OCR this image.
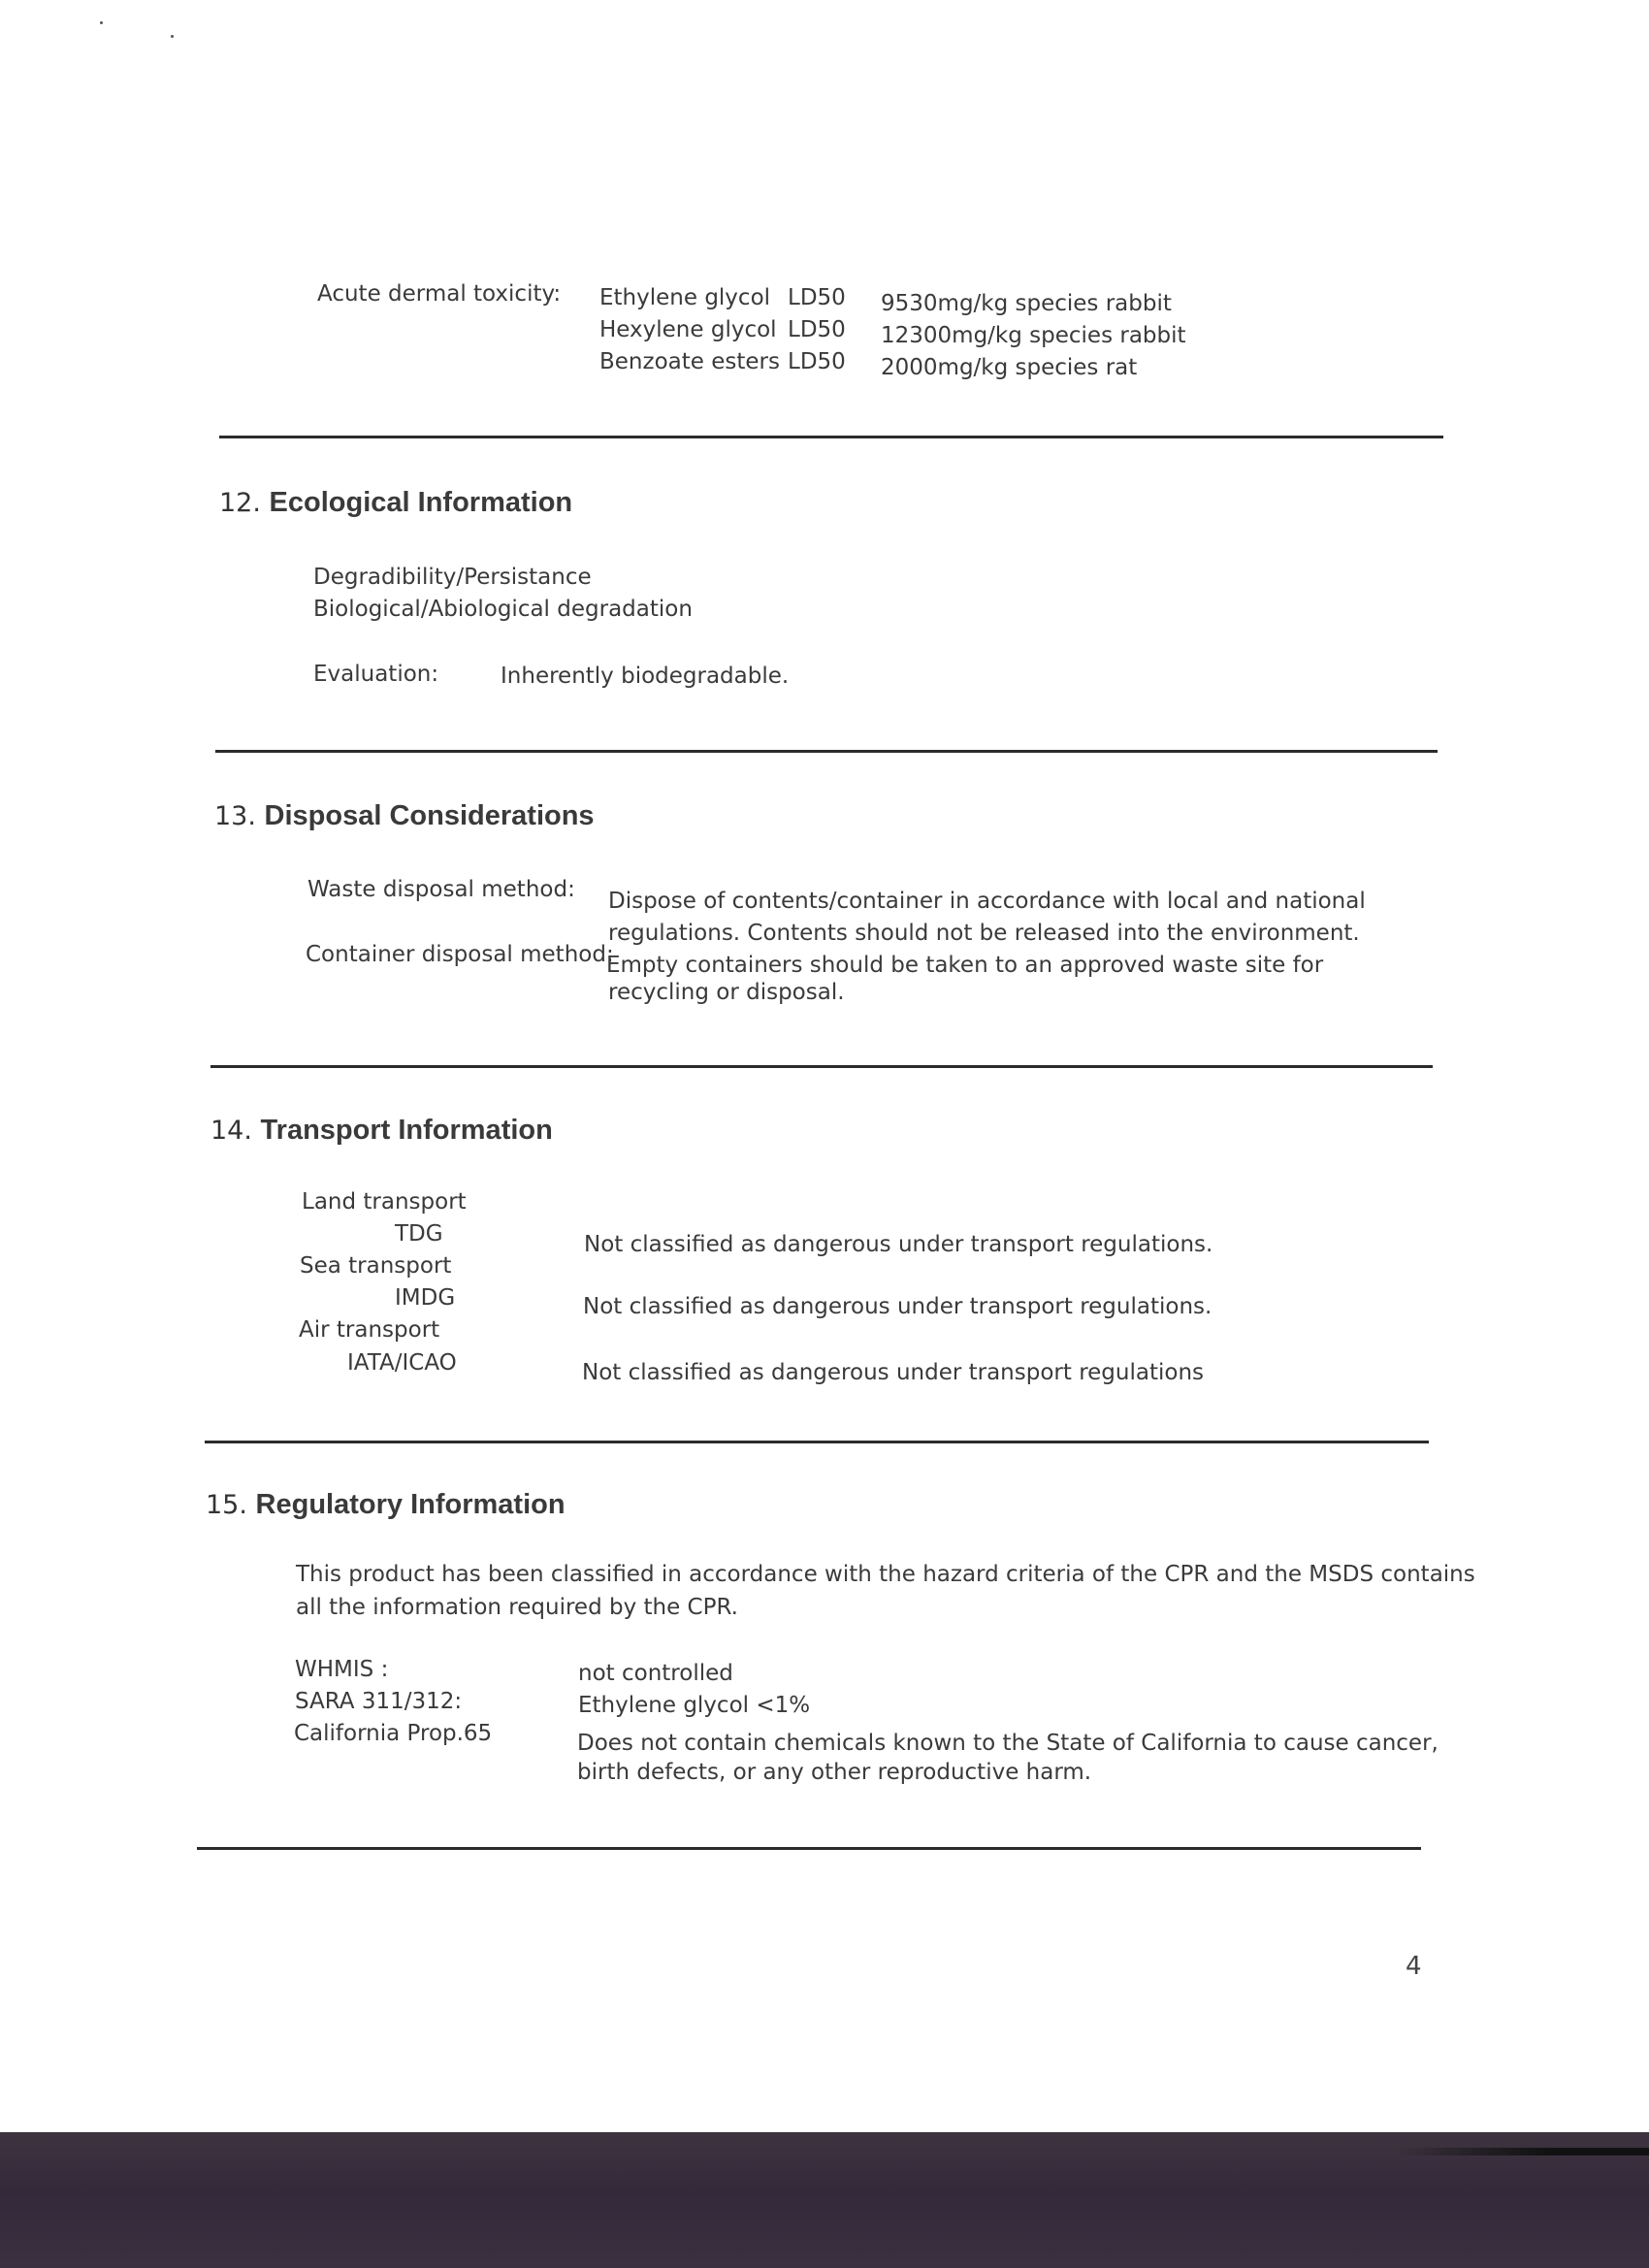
Acute dermal toxicity: Ethylene glycol LD50 9530mg/kg species rabbit
Hexylene glycol LD50 12300mg/kg species rabbit
Benzoate esters LD50 2000mg/kg species rat
12. Ecological Information
Degradibility/Persistance
Biological/Abiological degradation
Evaluation:	Inherently biodegradable.
13. Disposal Considerations
Waste disposal method: Dispose of contents/container in accordance with local and national
regulations. Contents should not be released into the environment.
Container disposal method:
Empty containers should be taken to an approved waste site for
recycling or disposal.
14. Transport Information
Land transport
TDG	Not classified as dangerous under transport regulations.
Sea transport
IMDG	Not classified as dangerous under transport regulations.
Air transport
IATA/ICAO	Not classified as dangerous under transport regulations
15. Regulatory Information
This product has been classified in accordance with the hazard criteria of the CPR and the MSDS contains
all the information required by the CPR.
WHMIS :	not controlled
SARA 311/312:	Ethylene glycol <1%
California Prop.65	Does not contain chemicals known to the State of California to cause cancer,
birth defects, or any other reproductive harm.
4
